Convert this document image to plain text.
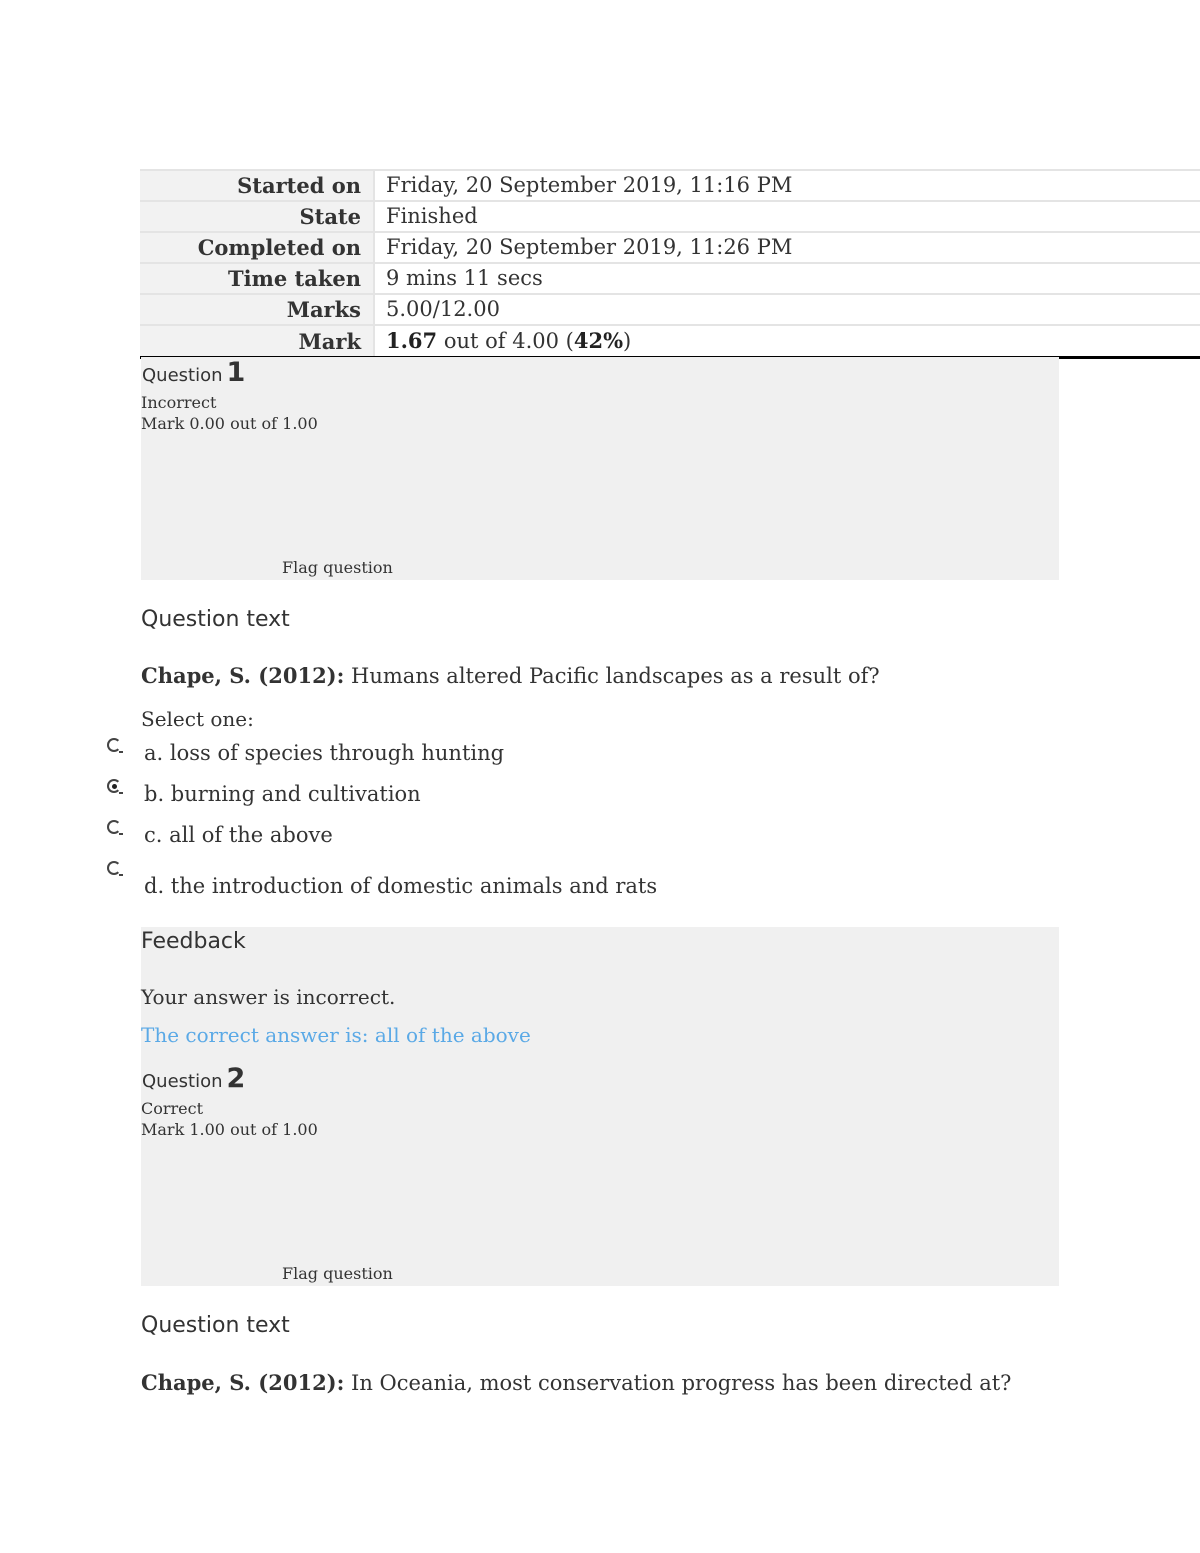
Started on	Friday, 20 September 2019, 11:16 PM
State	Finished
Completed on	Friday, 20 September 2019, 11:26 PM
Time taken	9 mins 11 secs
Marks	5.00/12.00
Mark	1.67 out of 4.00 (42%)
Question 1
Incorrect
Mark 0.00 out of 1.00
Flag question
Question text
Chape, S. (2012): Humans altered Pacific landscapes as a result of?
Select one:
a. loss of species through hunting
b. burning and cultivation
c. all of the above
d. the introduction of domestic animals and rats
Feedback
Your answer is incorrect.
The correct answer is: all of the above
Question 2
Correct
Mark 1.00 out of 1.00
Flag question
Question text
Chape, S. (2012): In Oceania, most conservation progress has been directed at?
